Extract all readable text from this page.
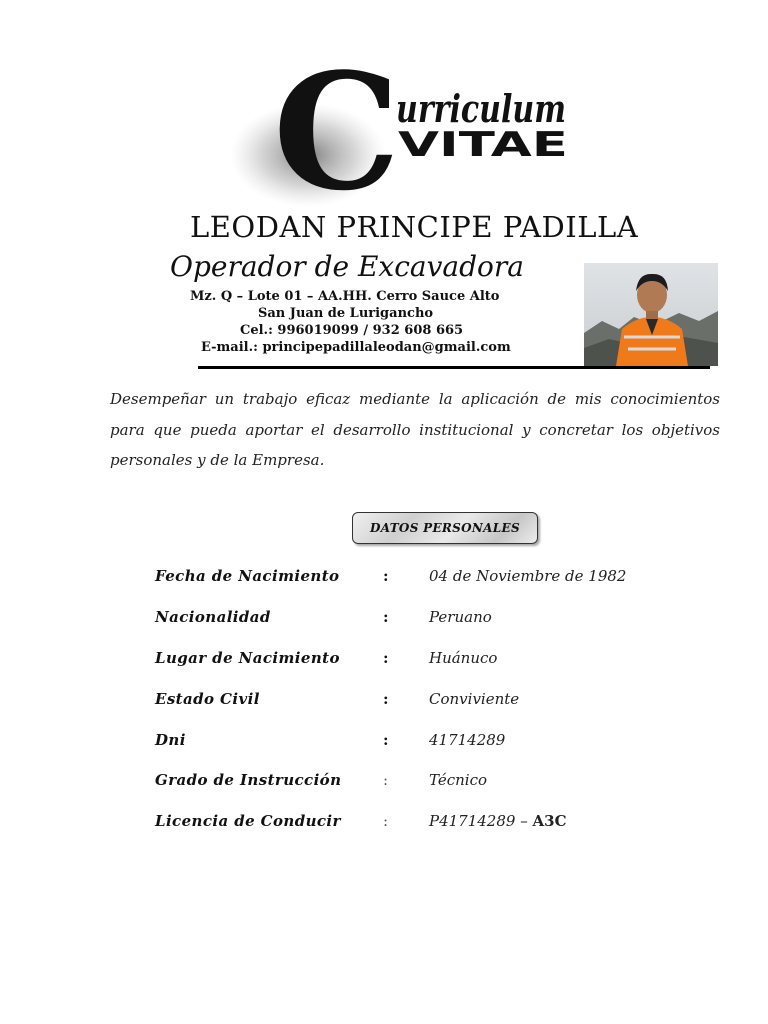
C
urriculum
VITAE
LEODAN PRINCIPE PADILLA
Operador de Excavadora
Mz. Q – Lote 01 – AA.HH. Cerro Sauce Alto
San Juan de Lurigancho
Cel.: 996019099 / 932 608 665
E-mail.: principepadillaleodan@gmail.com
Desempeñar un trabajo eficaz mediante la aplicación de mis conocimientos para que pueda aportar el desarrollo institucional y concretar los objetivos personales y de la Empresa.
DATOS PERSONALES
Fecha de Nacimiento	:	04 de Noviembre de 1982
Nacionalidad	:	Peruano
Lugar de Nacimiento	:	Huánuco
Estado Civil	:	Conviviente
Dni	:	41714289
Grado de Instrucción	:	Técnico
Licencia de Conducir	:	P41714289 – A3C
